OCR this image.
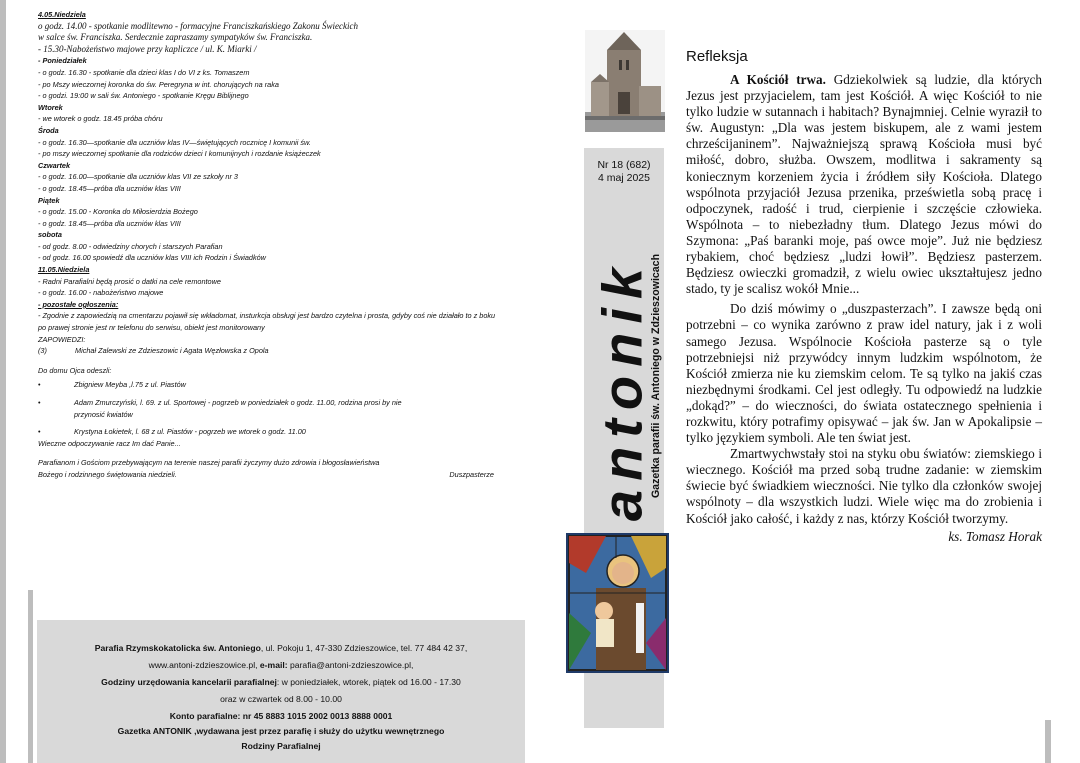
4.05.Niedziela
o godz. 14.00 - spotkanie modlitewno - formacyjne Franciszkańskiego Zakonu Świeckich
w salce św. Franciszka. Serdecznie zapraszamy sympatyków św. Franciszka.
- 15.30-Nabożeństwo majowe przy kapliczce / ul. K. Miarki /
- Poniedziałek
- o godz. 16.30 - spotkanie dla dzieci klas I do VI z ks. Tomaszem
- po Mszy wieczornej koronka do św. Peregryna w int. chorujących na raka
- o godzi. 19:00 w sali św. Antoniego - spotkanie Kręgu Biblijnego
Wtorek
- we wtorek o godz. 18.45 próba chóru
Środa
- o godz. 16.30—spotkanie dla uczniów klas IV—świętujących rocznicę I komunii św.
- po mszy wieczornej spotkanie dla rodziców dzieci I komunijnych i rozdanie książeczek
Czwartek
- o godz. 16.00—spotkanie dla uczniów klas VII ze szkoły nr 3
- o godz. 18.45—próba dla uczniów klas VIII
Piątek
- o godz. 15.00 - Koronka do Miłosierdzia Bożego
- o godz. 18.45—próba dla uczniów klas VIII
sobota
- od godz. 8.00 - odwiedziny chorych i starszych Parafian
- od godz. 16.00 spowiedź dla uczniów klas VIII ich Rodzin i Świadków
11.05.Niedziela
- Radni Parafialni będą prosić o datki na cele remontowe
- o godz. 16.00 - nabożeństwo majowe
- pozostałe ogłoszenia:
- Zgodnie z zapowiedzią na cmentarzu pojawił się wkładomat, insturkcja obsługi jest bardzo czytelna i prosta, gdyby coś nie działało to z boku po prawej stronie jest nr telefonu do serwisu, obiekt jest monitorowany
ZAPOWIEDZI:
(3)	Michał Zalewski ze Zdzieszowic i Agata Węzłowska z Opola
Do domu Ojca odeszli:
•	Zbigniew Meyba ,l.75 z ul. Piastów
•	Adam Zmurczyński, l. 69. z ul. Sportowej - pogrzeb w poniedziałek o godz. 11.00, rodzina prosi by nie
przynosić kwiatów
•	Krystyna Łokietek, l. 68 z ul. Piastów - pogrzeb we wtorek o godz. 11.00
Wieczne odpoczywanie racz Im dać Panie...
Parafianom i Gościom przebywającym na terenie naszej parafii życzymy dużo zdrowia i błogosławieństwa
Bożego i rodzinnego świętowania niedzieli.	Duszpasterze
Parafia Rzymskokatolicka św. Antoniego, ul. Pokoju 1, 47-330 Zdzieszowice, tel. 77 484 42 37,
www.antoni-zdzieszowice.pl, e-mail: parafia@antoni-zdzieszowice.pl,
Godziny urzędowania kancelarii parafialnej: w poniedziałek, wtorek, piątek od 16.00 - 17.30
oraz w czwartek od 8.00 - 10.00
Konto parafialne: nr 45 8883 1015 2002 0013 8888 0001
Gazetka ANTONIK ,wydawana jest przez parafię i służy do użytku wewnętrznego
Rodziny Parafialnej
Nr 18 (682)
4 maj 2025
antonik
Gazetka parafii św. Antoniego w Zdzieszowicach
Refleksja

A Kościół trwa. Gdziekolwiek są ludzie, dla których Jezus jest przyjacielem, tam jest Kościół. A więc Kościół to nie tylko ludzie w sutannach i habitach? Bynajmniej. Celnie wyraził to św. Augustyn: „Dla was jestem biskupem, ale z wami jestem chrześcijaninem”. Najważniejszą sprawą Kościoła musi być miłość, dobro, służba. Owszem, modlitwa i sakramenty są koniecznym korzeniem życia i źródłem siły Kościoła. Dlatego wspólnota przyjaciół Jezusa przenika, prześwietla sobą pracę i odpoczynek, radość i trud, cierpienie i szczęście człowieka. Wspólnota – to niebezładny tłum. Dlatego Jezus mówi do Szymona: „Paś baranki moje, paś owce moje”. Już nie będziesz rybakiem, choć będziesz „ludzi łowił”. Będziesz pasterzem. Będziesz owieczki gromadził, z wielu owiec ukształtujesz jedno stado, ty je scalisz wokół Mnie...

Do dziś mówimy o „duszpasterzach”. I zawsze będą oni potrzebni – co wynika zarówno z praw idel natury, jak i z woli samego Jezusa. Wspólnocie Kościoła pasterze są o tyle potrzebniejsi niż przywódcy innym ludzkim wspólnotom, że Kościół zmierza nie ku ziemskim celom. Te są tylko na jakiś czas niezbędnymi środkami. Cel jest odległy. Tu odpowiedź na ludzkie „dokąd?” – do wieczności, do świata ostatecznego spełnienia i rozkwitu, który potrafimy opisywać – jak św. Jan w Apokalipsie – tylko językiem symboli. Ale ten świat jest.

Zmartwychwstały stoi na styku obu światów: ziemskiego i wiecznego. Kościół ma przed sobą trudne zadanie: w ziemskim świecie być świadkiem wieczności. Nie tylko dla członków swojej wspólnoty – dla wszystkich ludzi. Wiele więc ma do zrobienia i Kościół jako całość, i każdy z nas, którzy Kościół tworzymy.

ks. Tomasz Horak
